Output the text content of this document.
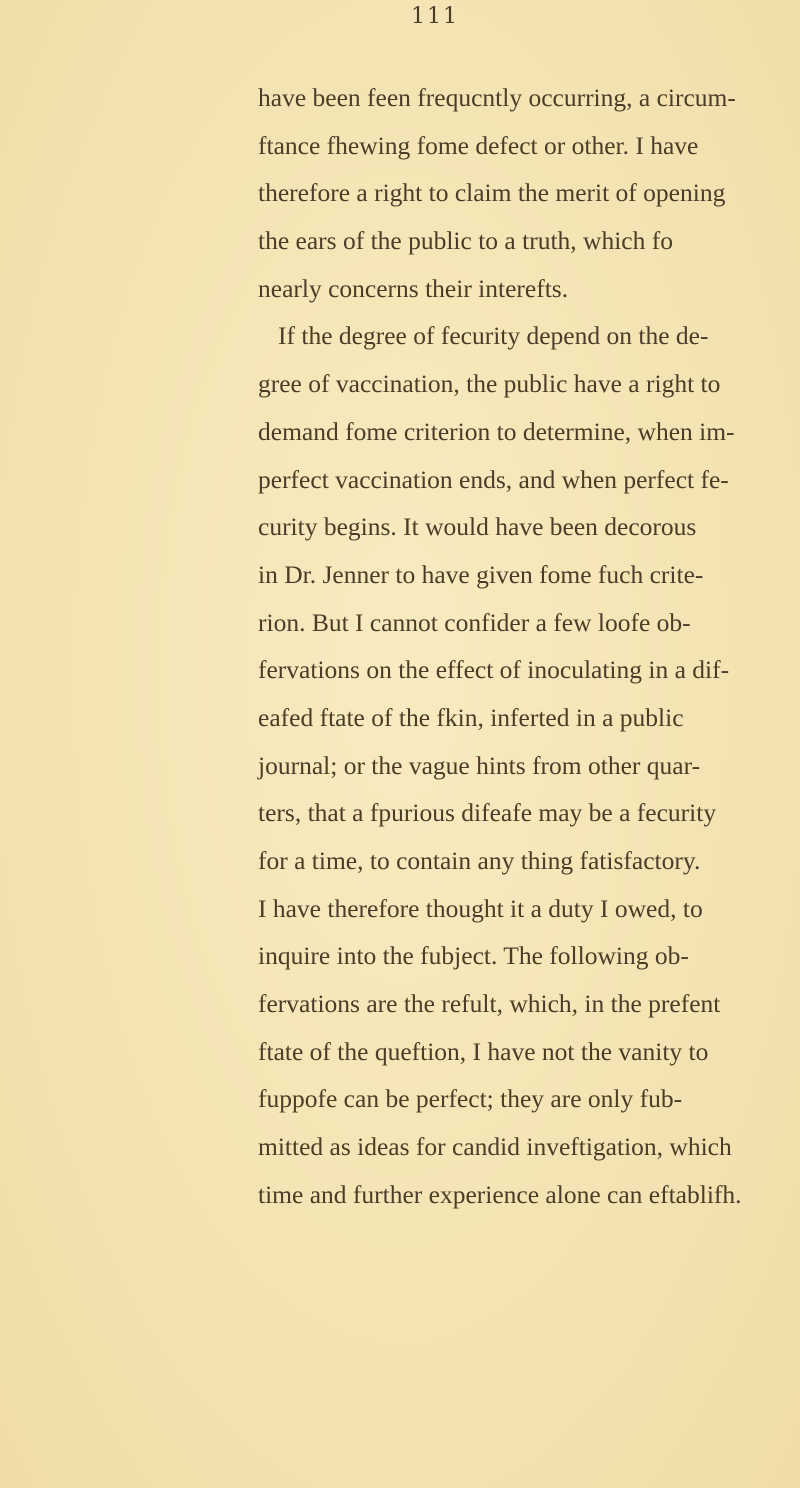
111
have been feen frequcntly occurring, a circum-
ftance fhewing fome defect or other. I have
therefore a right to claim the merit of opening
the ears of the public to a truth, which fo
nearly concerns their interefts.
If the degree of fecurity depend on the de-
gree of vaccination, the public have a right to
demand fome criterion to determine, when im-
perfect vaccination ends, and when perfect fe-
curity begins. It would have been decorous
in Dr. Jenner to have given fome fuch crite-
rion. But I cannot confider a few loofe ob-
fervations on the effect of inoculating in a dif-
eafed ftate of the fkin, inferted in a public
journal; or the vague hints from other quar-
ters, that a fpurious difeafe may be a fecurity
for a time, to contain any thing fatisfactory.
I have therefore thought it a duty I owed, to
inquire into the fubject. The following ob-
fervations are the refult, which, in the prefent
ftate of the queftion, I have not the vanity to
fuppofe can be perfect; they are only fub-
mitted as ideas for candid inveftigation, which
time and further experience alone can eftablifh.
